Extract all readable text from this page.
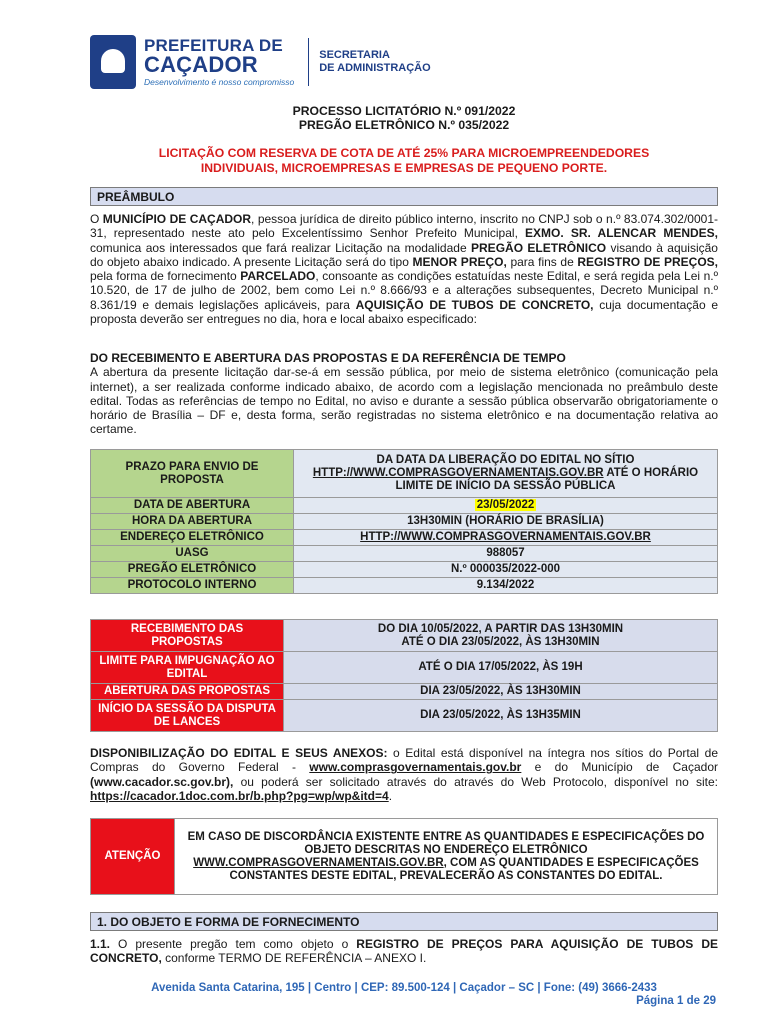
PREFEITURA DE
CAÇADOR
Desenvolvimento é nosso compromisso
SECRETARIA
DE ADMINISTRAÇÃO
PROCESSO LICITATÓRIO N.º 091/2022
PREGÃO ELETRÔNICO N.º 035/2022
LICITAÇÃO COM RESERVA DE COTA DE ATÉ 25% PARA MICROEMPREENDEDORES INDIVIDUAIS, MICROEMPRESAS E EMPRESAS DE PEQUENO PORTE.
PREÂMBULO
O MUNICÍPIO DE CAÇADOR, pessoa jurídica de direito público interno, inscrito no CNPJ sob o n.º 83.074.302/0001-31, representado neste ato pelo Excelentíssimo Senhor Prefeito Municipal, EXMO. SR. ALENCAR MENDES, comunica aos interessados que fará realizar Licitação na modalidade PREGÃO ELETRÔNICO visando à aquisição do objeto abaixo indicado. A presente Licitação será do tipo MENOR PREÇO, para fins de REGISTRO DE PREÇOS, pela forma de fornecimento PARCELADO, consoante as condições estatuídas neste Edital, e será regida pela Lei n.º 10.520, de 17 de julho de 2002, bem como Lei n.º 8.666/93 e a alterações subsequentes, Decreto Municipal n.º 8.361/19 e demais legislações aplicáveis, para AQUISIÇÃO DE TUBOS DE CONCRETO, cuja documentação e proposta deverão ser entregues no dia, hora e local abaixo especificado:
DO RECEBIMENTO E ABERTURA DAS PROPOSTAS E DA REFERÊNCIA DE TEMPO
A abertura da presente licitação dar-se-á em sessão pública, por meio de sistema eletrônico (comunicação pela internet), a ser realizada conforme indicado abaixo, de acordo com a legislação mencionada no preâmbulo deste edital. Todas as referências de tempo no Edital, no aviso e durante a sessão pública observarão obrigatoriamente o horário de Brasília – DF e, desta forma, serão registradas no sistema eletrônico e na documentação relativa ao certame.
PRAZO PARA ENVIO DE PROPOSTA	DA DATA DA LIBERAÇÃO DO EDITAL NO SÍTIO
HTTP://WWW.COMPRASGOVERNAMENTAIS.GOV.BR ATÉ O HORÁRIO LIMITE DE INÍCIO DA SESSÃO PÚBLICA
DATA DE ABERTURA	23/05/2022
HORA DA ABERTURA	13H30MIN (HORÁRIO DE BRASÍLIA)
ENDEREÇO ELETRÔNICO	HTTP://WWW.COMPRASGOVERNAMENTAIS.GOV.BR
UASG	988057
PREGÃO ELETRÔNICO	N.º 000035/2022-000
PROTOCOLO INTERNO	9.134/2022
RECEBIMENTO DAS PROPOSTAS	DO DIA 10/05/2022, A PARTIR DAS 13H30MIN
ATÉ O DIA 23/05/2022, ÀS 13H30MIN

LIMITE PARA IMPUGNAÇÃO AO EDITAL	ATÉ O DIA 17/05/2022, ÀS 19H
ABERTURA DAS PROPOSTAS	DIA 23/05/2022, ÀS 13H30MIN
INÍCIO DA SESSÃO DA DISPUTA DE LANCES	DIA 23/05/2022, ÀS 13H35MIN
DISPONIBILIZAÇÃO DO EDITAL E SEUS ANEXOS: o Edital está disponível na íntegra nos sítios do Portal de Compras do Governo Federal - www.comprasgovernamentais.gov.br e do Município de Caçador (www.cacador.sc.gov.br), ou poderá ser solicitado através do através do Web Protocolo, disponível no site: https://cacador.1doc.com.br/b.php?pg=wp/wp&itd=4.
ATENÇÃO	EM CASO DE DISCORDÂNCIA EXISTENTE ENTRE AS QUANTIDADES E ESPECIFICAÇÕES DO OBJETO DESCRITAS NO ENDEREÇO ELETRÔNICO WWW.COMPRASGOVERNAMENTAIS.GOV.BR, COM AS QUANTIDADES E ESPECIFICAÇÕES CONSTANTES DESTE EDITAL, PREVALECERÃO AS CONSTANTES DO EDITAL.
1. DO OBJETO E FORMA DE FORNECIMENTO
1.1. O presente pregão tem como objeto o REGISTRO DE PREÇOS PARA AQUISIÇÃO DE TUBOS DE CONCRETO, conforme TERMO DE REFERÊNCIA – ANEXO I.
Avenida Santa Catarina, 195 | Centro | CEP: 89.500-124 | Caçador – SC | Fone: (49) 3666-2433
Página 1 de 29
